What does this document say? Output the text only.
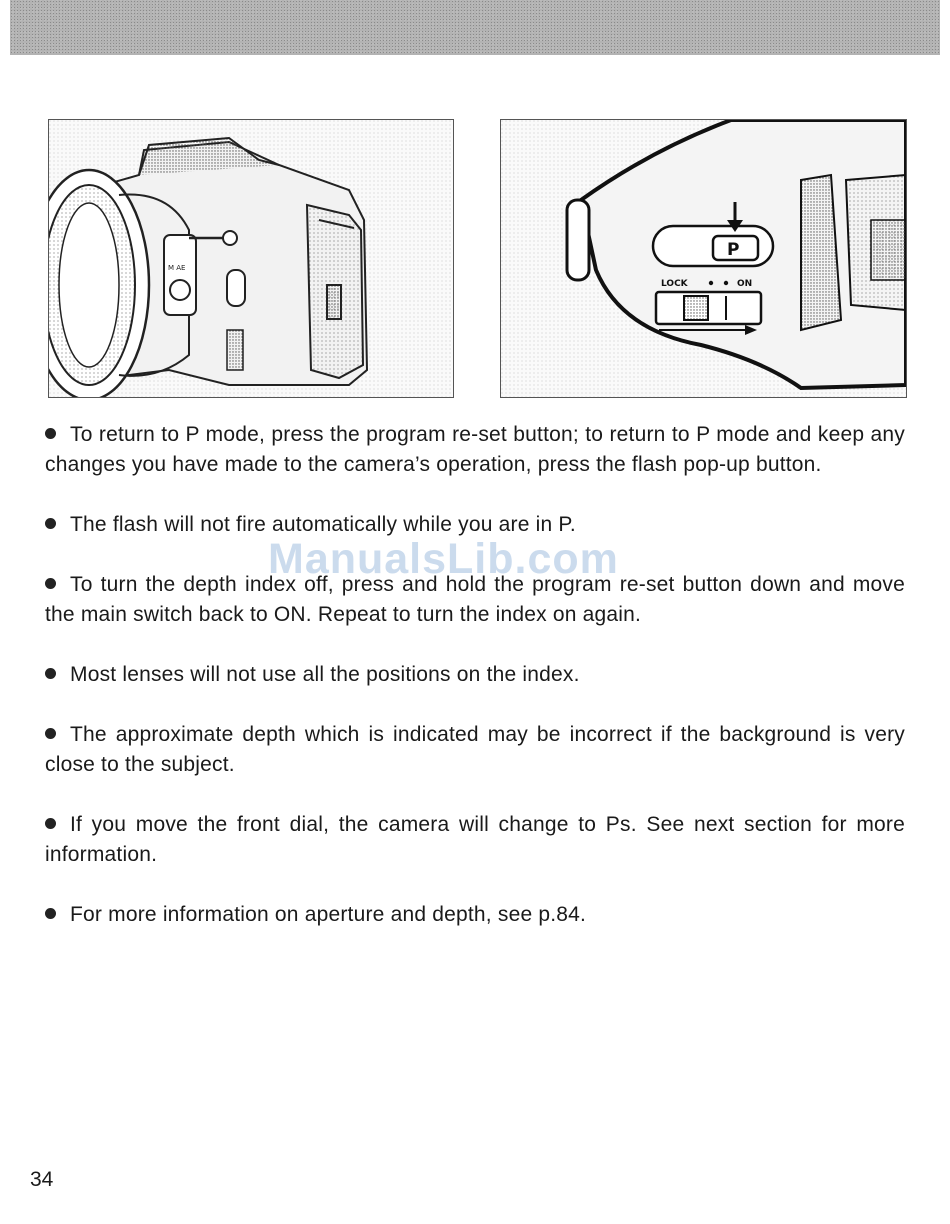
M AE
P
LOCK	ON

To return to P mode, press the program re-set button; to return to P mode and keep any changes you have made to the camera’s operation, press the flash pop-up button.

The flash will not fire automatically while you are in P.

To turn the depth index off, press and hold the program re-set button down and move the main switch back to ON. Repeat to turn the index on again.

Most lenses will not use all the positions on the index.

The approximate depth which is indicated may be incorrect if the background is very close to the subject.

If you move the front dial, the camera will change to Ps. See next section for more information.

For more information on aperture and depth, see p.84.

ManualsLib.com
34
